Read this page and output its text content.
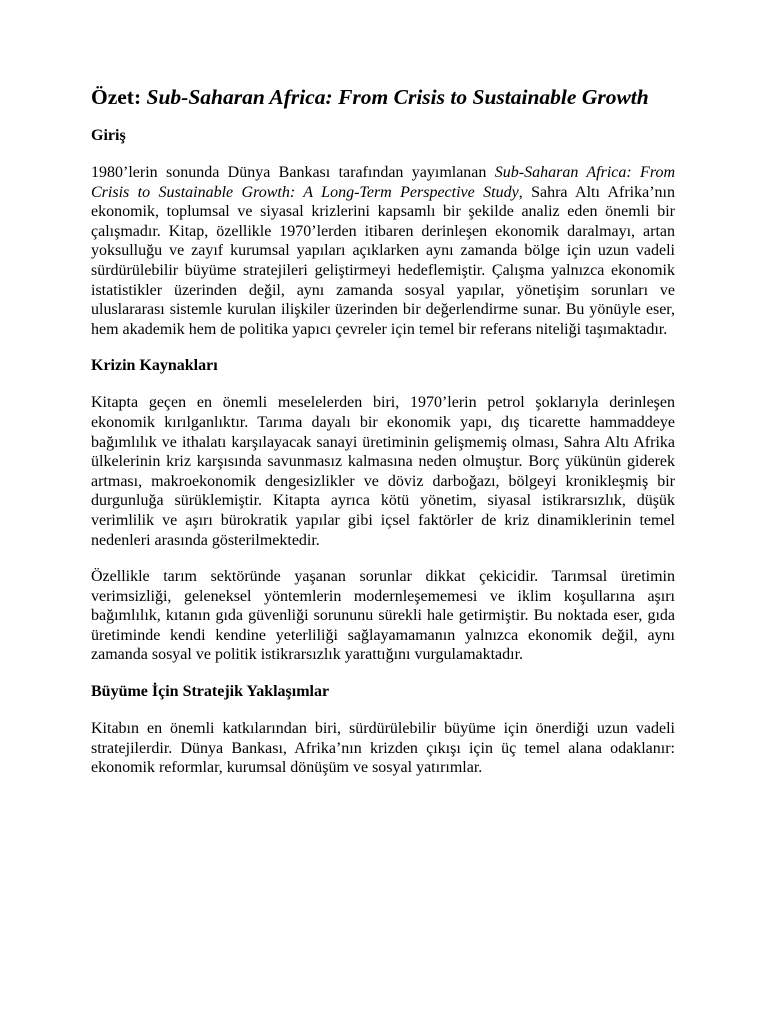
Özet: Sub-Saharan Africa: From Crisis to Sustainable Growth
Giriş

1980’lerin sonunda Dünya Bankası tarafından yayımlanan Sub-Saharan Africa: From Crisis to Sustainable Growth: A Long-Term Perspective Study, Sahra Altı Afrika’nın ekonomik, toplumsal ve siyasal krizlerini kapsamlı bir şekilde analiz eden önemli bir çalışmadır. Kitap, özellikle 1970’lerden itibaren derinleşen ekonomik daralmayı, artan yoksulluğu ve zayıf kurumsal yapıları açıklarken aynı zamanda bölge için uzun vadeli sürdürülebilir büyüme stratejileri geliştirmeyi hedeflemiştir. Çalışma yalnızca ekonomik istatistikler üzerinden değil, aynı zamanda sosyal yapılar, yönetişim sorunları ve uluslararası sistemle kurulan ilişkiler üzerinden bir değerlendirme sunar. Bu yönüyle eser, hem akademik hem de politika yapıcı çevreler için temel bir referans niteliği taşımaktadır.

Krizin Kaynakları

Kitapta geçen en önemli meselelerden biri, 1970’lerin petrol şoklarıyla derinleşen ekonomik kırılganlıktır. Tarıma dayalı bir ekonomik yapı, dış ticarette hammaddeye bağımlılık ve ithalatı karşılayacak sanayi üretiminin gelişmemiş olması, Sahra Altı Afrika ülkelerinin kriz karşısında savunmasız kalmasına neden olmuştur. Borç yükünün giderek artması, makroekonomik dengesizlikler ve döviz darboğazı, bölgeyi kronikleşmiş bir durgunluğa sürüklemiştir. Kitapta ayrıca kötü yönetim, siyasal istikrarsızlık, düşük verimlilik ve aşırı bürokratik yapılar gibi içsel faktörler de kriz dinamiklerinin temel nedenleri arasında gösterilmektedir.

Özellikle tarım sektöründe yaşanan sorunlar dikkat çekicidir. Tarımsal üretimin verimsizliği, geleneksel yöntemlerin modernleşememesi ve iklim koşullarına aşırı bağımlılık, kıtanın gıda güvenliği sorununu sürekli hale getirmiştir. Bu noktada eser, gıda üretiminde kendi kendine yeterliliği sağlayamamanın yalnızca ekonomik değil, aynı zamanda sosyal ve politik istikrarsızlık yarattığını vurgulamaktadır.

Büyüme İçin Stratejik Yaklaşımlar

Kitabın en önemli katkılarından biri, sürdürülebilir büyüme için önerdiği uzun vadeli stratejilerdir. Dünya Bankası, Afrika’nın krizden çıkışı için üç temel alana odaklanır: ekonomik reformlar, kurumsal dönüşüm ve sosyal yatırımlar.
